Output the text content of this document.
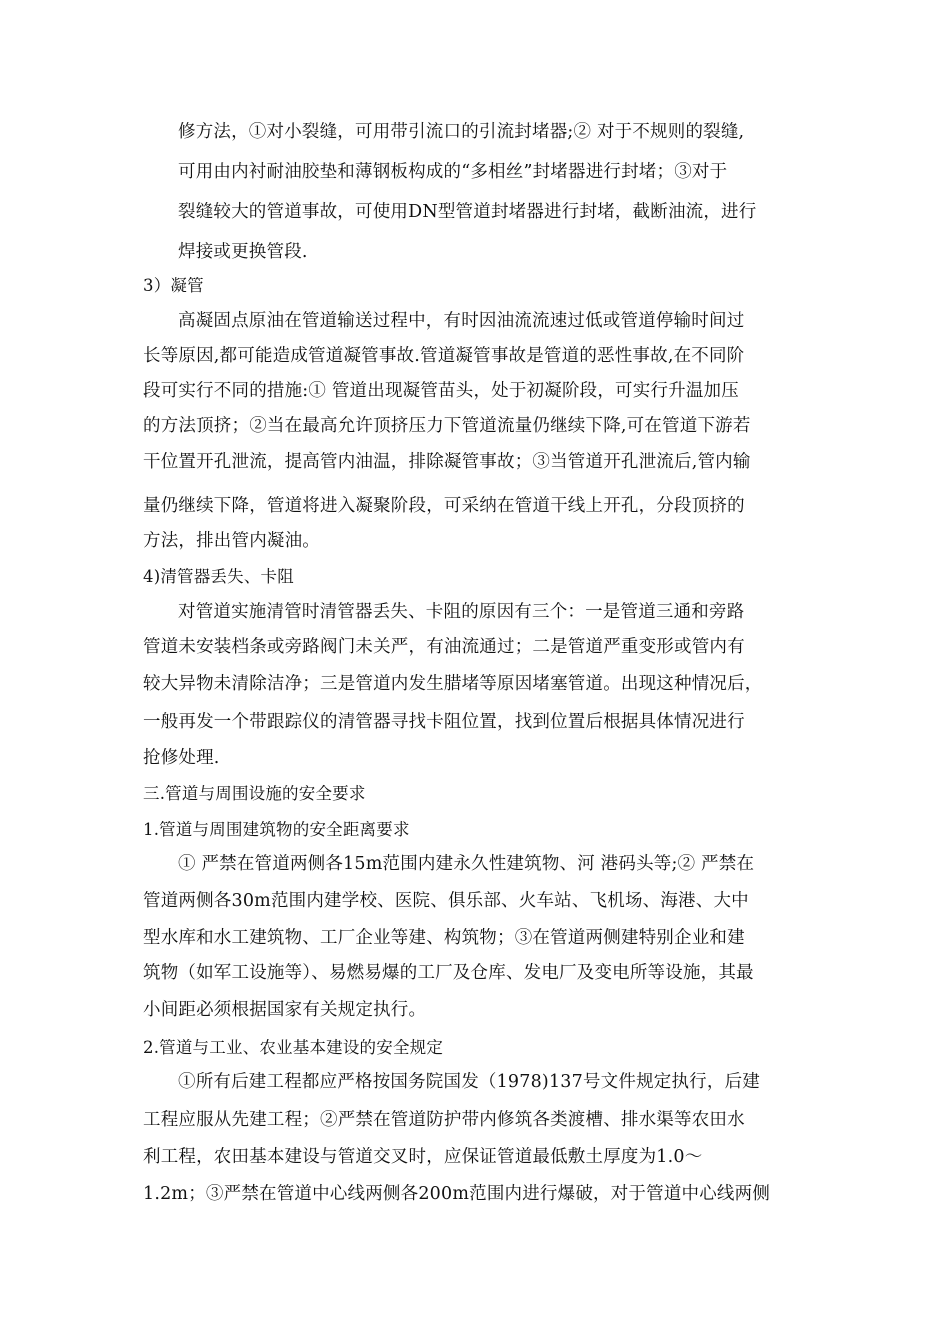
修方法，①对小裂缝，可用带引流口的引流封堵器;② 对于不规则的裂缝,
可用由内衬耐油胶垫和薄钢板构成的“多相丝”封堵器进行封堵；③对于
裂缝较大的管道事故，可使用DN型管道封堵器进行封堵，截断油流，进行
焊接或更换管段.
3）凝管
高凝固点原油在管道输送过程中，有时因油流流速过低或管道停输时间过
长等原因,都可能造成管道凝管事故.管道凝管事故是管道的恶性事故,在不同阶
段可实行不同的措施:① 管道出现凝管苗头，处于初凝阶段，可实行升温加压
的方法顶挤；②当在最高允许顶挤压力下管道流量仍继续下降,可在管道下游若
干位置开孔泄流，提高管内油温，排除凝管事故；③当管道开孔泄流后,管内输
量仍继续下降，管道将进入凝聚阶段，可采纳在管道干线上开孔，分段顶挤的
方法，排出管内凝油。
4)清管器丢失、卡阻
对管道实施清管时清管器丢失、卡阻的原因有三个：一是管道三通和旁路
管道未安装档条或旁路阀门未关严，有油流通过；二是管道严重变形或管内有
较大异物未清除洁净；三是管道内发生腊堵等原因堵塞管道。出现这种情况后，
一般再发一个带跟踪仪的清管器寻找卡阻位置，找到位置后根据具体情况进行
抢修处理.
三.管道与周围设施的安全要求
1.管道与周围建筑物的安全距离要求
① 严禁在管道两侧各15m范围内建永久性建筑物、河 港码头等;② 严禁在
管道两侧各30m范围内建学校、医院、俱乐部、火车站、飞机场、海港、大中
型水库和水工建筑物、工厂企业等建、构筑物；③在管道两侧建特别企业和建
筑物（如军工设施等）、易燃易爆的工厂及仓库、发电厂及变电所等设施，其最
小间距必须根据国家有关规定执行。
2.管道与工业、农业基本建设的安全规定
①所有后建工程都应严格按国务院国发（1978)137号文件规定执行，后建
工程应服从先建工程；②严禁在管道防护带内修筑各类渡槽、排水渠等农田水
利工程，农田基本建设与管道交叉时，应保证管道最低敷土厚度为1.0～
1.2m；③严禁在管道中心线两侧各200m范围内进行爆破，对于管道中心线两侧
